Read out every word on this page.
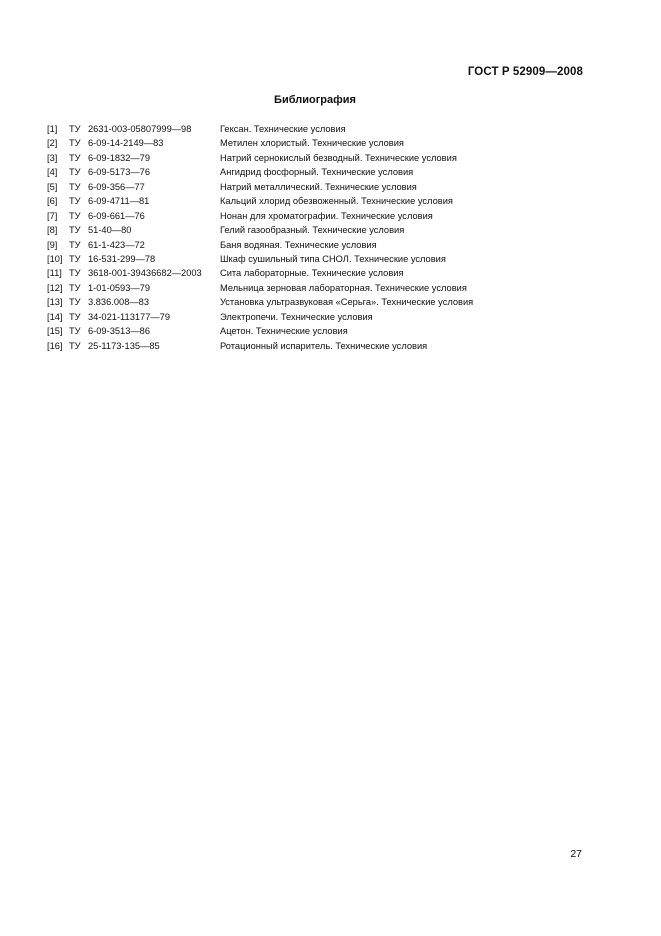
ГОСТ Р 52909—2008
Библиография
[1] ТУ 2631-003-05807999—98	Гексан. Технические условия
[2] ТУ 6-09-14-2149—83	Метилен хлористый. Технические условия
[3] ТУ 6-09-1832—79	Натрий сернокислый безводный. Технические условия
[4] ТУ 6-09-5173—76	Ангидрид фосфорный. Технические условия
[5] ТУ 6-09-356—77	Натрий металлический. Технические условия
[6] ТУ 6-09-4711—81	Кальций хлорид обезвоженный. Технические условия
[7] ТУ 6-09-661—76	Нонан для хроматографии. Технические условия
[8] ТУ 51-40—80	Гелий газообразный. Технические условия
[9] ТУ 61-1-423—72	Баня водяная. Технические условия
[10] ТУ 16-531-299—78	Шкаф сушильный типа СНОЛ. Технические условия
[11] ТУ 3618-001-39436682—2003 Сита лабораторные. Технические условия
[12] ТУ 1-01-0593—79	Мельница зерновая лабораторная. Технические условия
[13] ТУ 3.836.008—83	Установка ультразвуковая «Серьга». Технические условия
[14] ТУ 34-021-113177—79	Электропечи. Технические условия
[15] ТУ 6-09-3513—86	Ацетон. Технические условия
[16] ТУ 25-1173-135—85	Ротационный испаритель. Технические условия
27
